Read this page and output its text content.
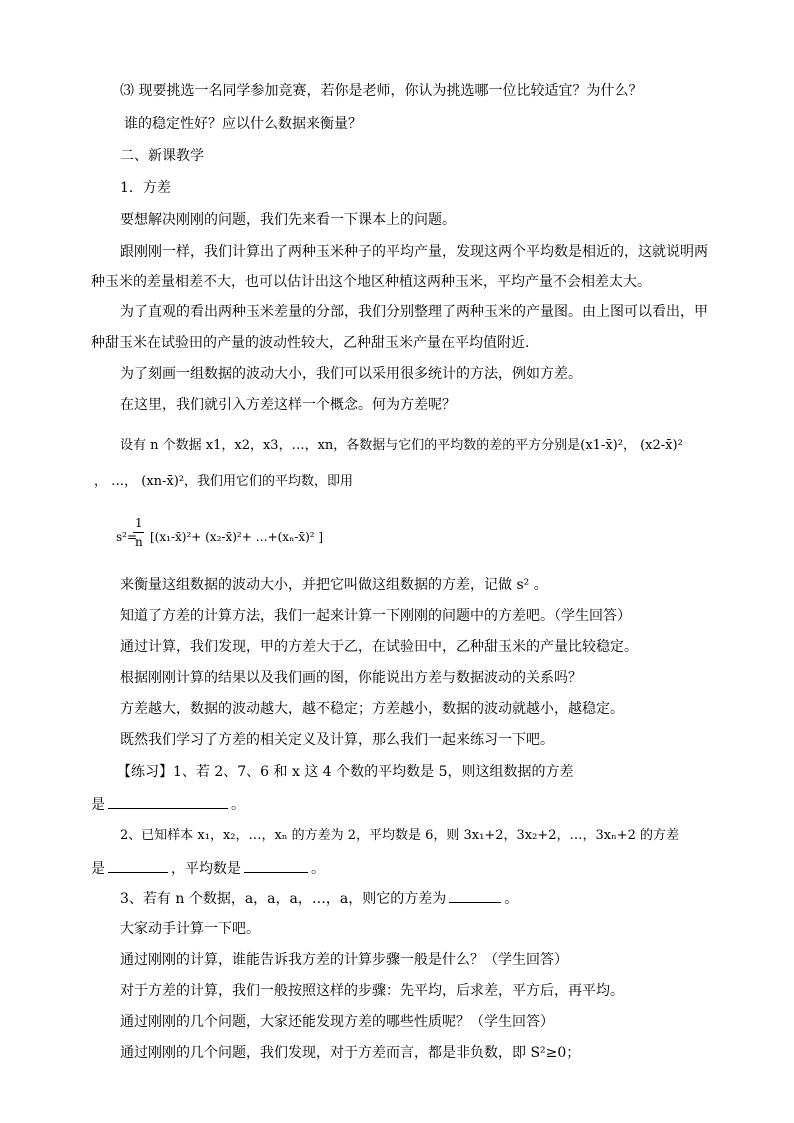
⑶ 现要挑选一名同学参加竞赛，若你是老师，你认为挑选哪一位比较适宜？为什么？
谁的稳定性好？应以什么数据来衡量？
二、新课教学
1．方差
要想解决刚刚的问题，我们先来看一下课本上的问题。
跟刚刚一样，我们计算出了两种玉米种子的平均产量，发现这两个平均数是相近的，这就说明两
种玉米的差量相差不大，也可以估计出这个地区种植这两种玉米，平均产量不会相差太大。
为了直观的看出两种玉米差量的分部，我们分别整理了两种玉米的产量图。由上图可以看出，甲
种甜玉米在试验田的产量的波动性较大，乙种甜玉米产量在平均值附近.
为了刻画一组数据的波动大小，我们可以采用很多统计的方法，例如方差。
在这里，我们就引入方差这样一个概念。何为方差呢？
设有 n 个数据 x1，x2，x3，…，xn，各数据与它们的平均数的差的平方分别是(x1-x̄)²， (x2-x̄)²
， …， (xn-x̄)²，我们用它们的平均数，即用
s²=
1
n [(x₁-x̄)²+ (x₂-x̄)²+ …+(xₙ-x̄)² ]
来衡量这组数据的波动大小，并把它叫做这组数据的方差，记做 s² 。
知道了方差的计算方法，我们一起来计算一下刚刚的问题中的方差吧。（学生回答）
通过计算，我们发现，甲的方差大于乙，在试验田中，乙种甜玉米的产量比较稳定。
根据刚刚计算的结果以及我们画的图，你能说出方差与数据波动的关系吗？
方差越大，数据的波动越大，越不稳定；方差越小，数据的波动就越小，越稳定。
既然我们学习了方差的相关定义及计算，那么我们一起来练习一下吧。
【练习】1、若 2、7、6 和 x 这 4 个数的平均数是 5，则这组数据的方差
是	。
2、已知样本 x₁，x₂，…，xₙ 的方差为 2，平均数是 6，则 3x₁+2，3x₂+2，…，3xₙ+2 的方差
是	，平均数是	。
3、若有 n 个数据，a，a，a，…，a，则它的方差为	。
大家动手计算一下吧。
通过刚刚的计算，谁能告诉我方差的计算步骤一般是什么？（学生回答）
对于方差的计算，我们一般按照这样的步骤：先平均，后求差，平方后，再平均。
通过刚刚的几个问题，大家还能发现方差的哪些性质呢？（学生回答）
通过刚刚的几个问题，我们发现，对于方差而言，都是非负数，即 S²≥0；
